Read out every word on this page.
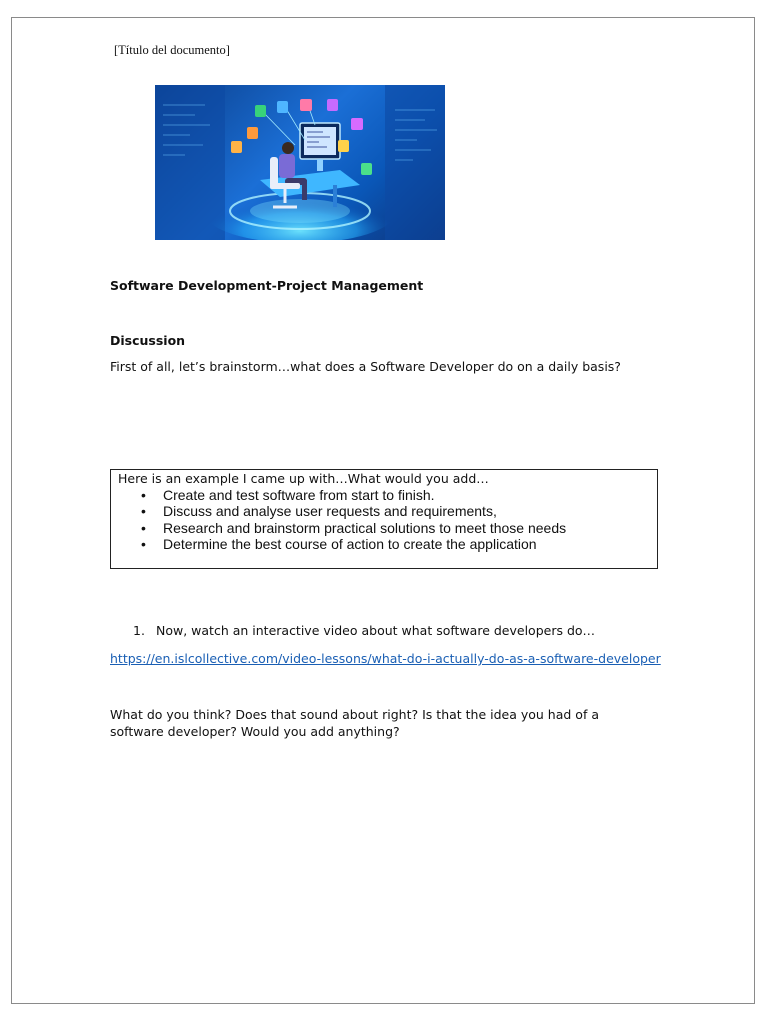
[Título del documento]
Software Development-Project Management
Discussion
First of all, let’s brainstorm…what does a Software Developer do on a daily basis?
Here is an example I came up with…What would you add…
• Create and test software from start to finish.
• Discuss and analyse user requests and requirements,
• Research and brainstorm practical solutions to meet those needs
• Determine the best course of action to create the application
1. Now, watch an interactive video about what software developers do…
https://en.islcollective.com/video-lessons/what-do-i-actually-do-as-a-software-developer
What do you think? Does that sound about right? Is that the idea you had of a software developer? Would you add anything?
